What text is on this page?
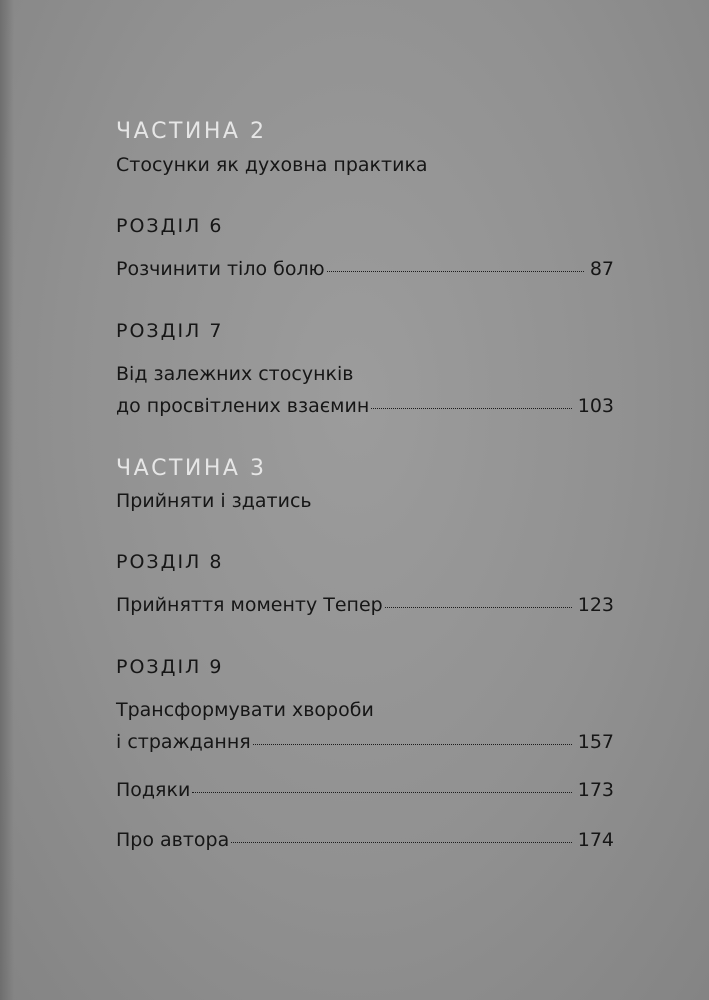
ЧАСТИНА 2
Стосунки як духовна практика
РОЗДІЛ 6
Розчинити тіло болю	87
РОЗДІЛ 7
Від залежних стосунків
до просвітлених взаємин	103
ЧАСТИНА 3
Прийняти і здатись
РОЗДІЛ 8
Прийняття моменту Тепер	123
РОЗДІЛ 9
Трансформувати хвороби
і страждання	157
Подяки	173
Про автора	174
